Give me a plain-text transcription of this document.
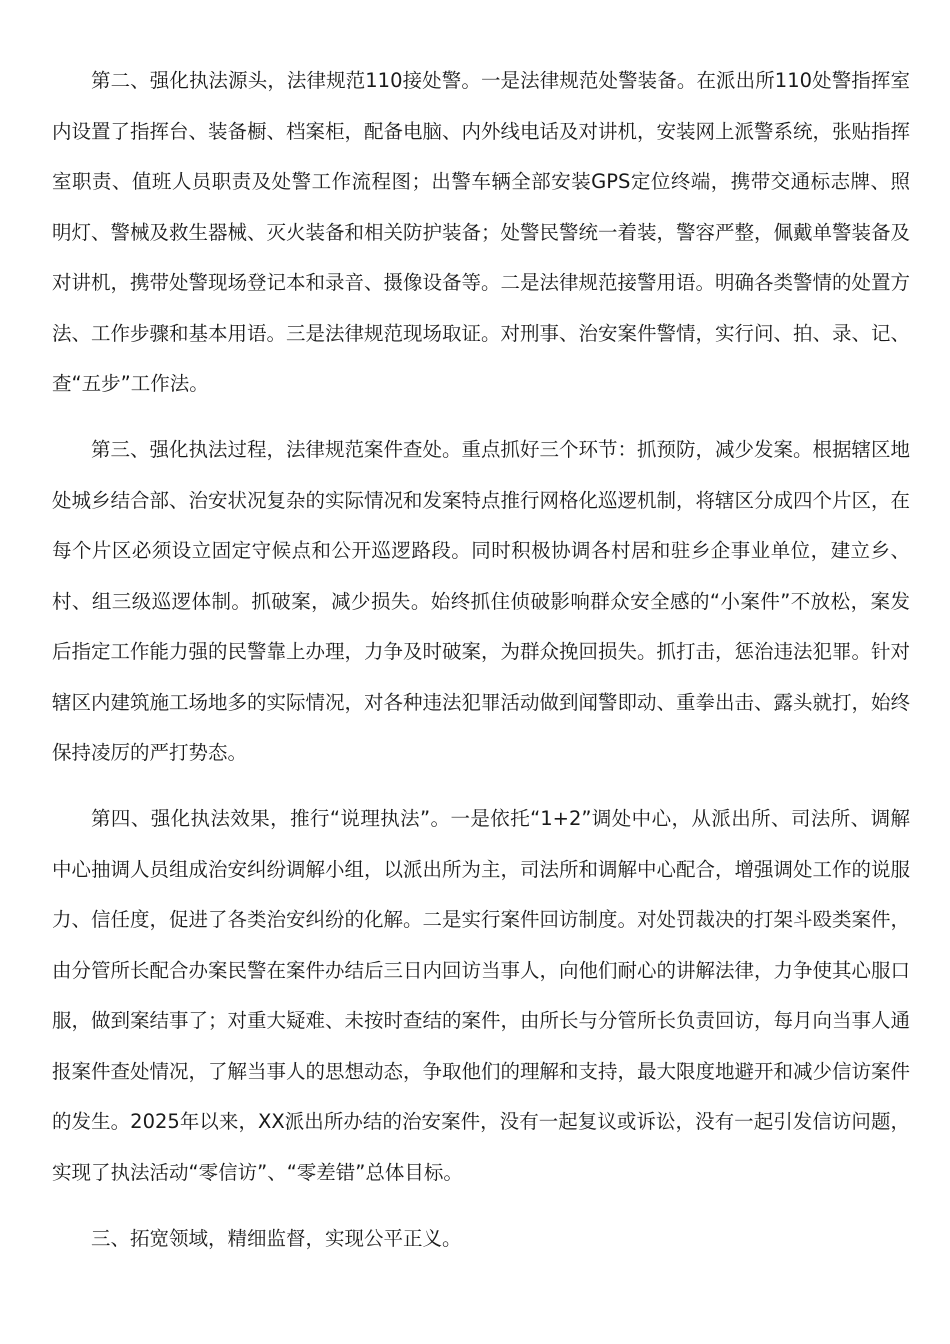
第二、强化执法源头，法律规范110接处警。一是法律规范处警装备。在派出所110处警指挥室内设置了指挥台、装备橱、档案柜，配备电脑、内外线电话及对讲机，安装网上派警系统，张贴指挥室职责、值班人员职责及处警工作流程图；出警车辆全部安装GPS定位终端，携带交通标志牌、照明灯、警械及救生器械、灭火装备和相关防护装备；处警民警统一着装，警容严整，佩戴单警装备及对讲机，携带处警现场登记本和录音、摄像设备等。二是法律规范接警用语。明确各类警情的处置方法、工作步骤和基本用语。三是法律规范现场取证。对刑事、治安案件警情，实行问、拍、录、记、查“五步”工作法。

第三、强化执法过程，法律规范案件查处。重点抓好三个环节：抓预防，减少发案。根据辖区地处城乡结合部、治安状况复杂的实际情况和发案特点推行网格化巡逻机制，将辖区分成四个片区，在每个片区必须设立固定守候点和公开巡逻路段。同时积极协调各村居和驻乡企事业单位，建立乡、村、组三级巡逻体制。抓破案，减少损失。始终抓住侦破影响群众安全感的“小案件”不放松，案发后指定工作能力强的民警靠上办理，力争及时破案，为群众挽回损失。抓打击，惩治违法犯罪。针对辖区内建筑施工场地多的实际情况，对各种违法犯罪活动做到闻警即动、重拳出击、露头就打，始终保持凌厉的严打势态。

第四、强化执法效果，推行“说理执法”。一是依托“1+2”调处中心，从派出所、司法所、调解中心抽调人员组成治安纠纷调解小组，以派出所为主，司法所和调解中心配合，增强调处工作的说服力、信任度，促进了各类治安纠纷的化解。二是实行案件回访制度。对处罚裁决的打架斗殴类案件，由分管所长配合办案民警在案件办结后三日内回访当事人，向他们耐心的讲解法律，力争使其心服口服，做到案结事了；对重大疑难、未按时查结的案件，由所长与分管所长负责回访，每月向当事人通报案件查处情况，了解当事人的思想动态，争取他们的理解和支持，最大限度地避开和减少信访案件的发生。2025年以来，XX派出所办结的治安案件，没有一起复议或诉讼，没有一起引发信访问题，实现了执法活动“零信访”、“零差错”总体目标。

三、拓宽领域，精细监督，实现公平正义。
